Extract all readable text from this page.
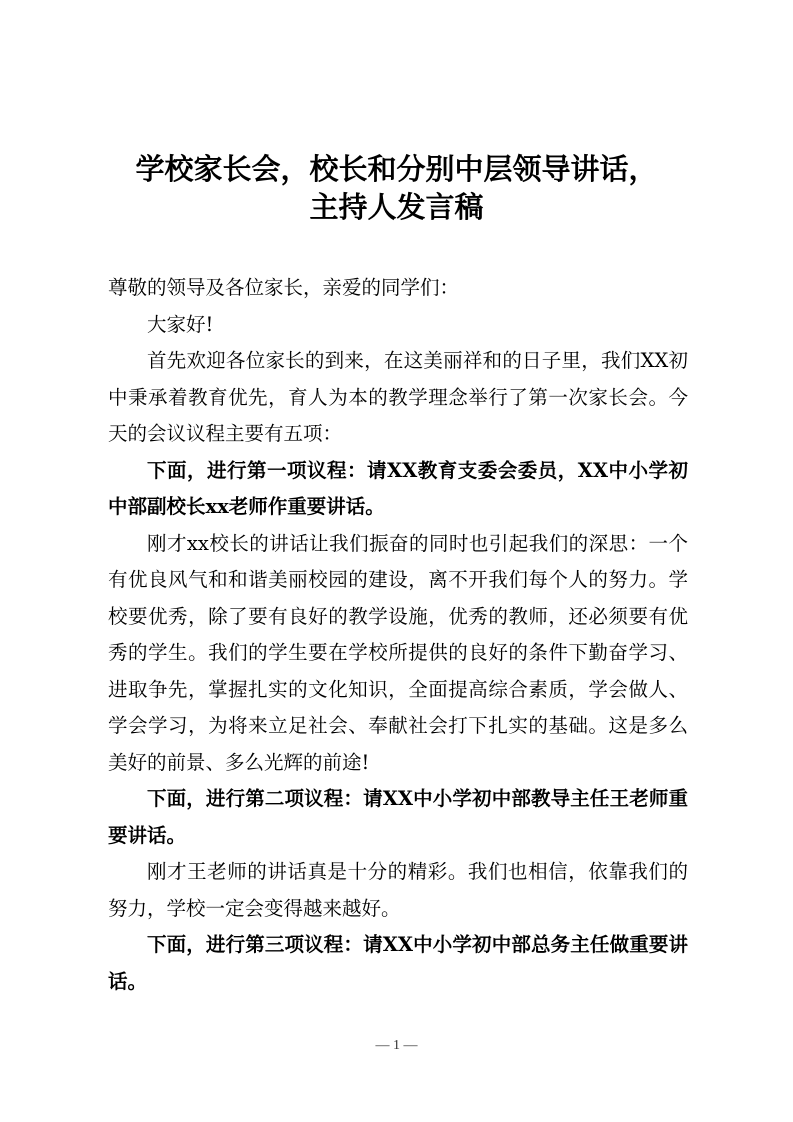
学校家长会，校长和分别中层领导讲话，
主持人发言稿

尊敬的领导及各位家长，亲爱的同学们：

大家好!

首先欢迎各位家长的到来，在这美丽祥和的日子里，我们XX初中秉承着教育优先，育人为本的教学理念举行了第一次家长会。今天的会议议程主要有五项：

下面，进行第一项议程：请XX教育支委会委员，XX中小学初中部副校长xx老师作重要讲话。

刚才xx校长的讲话让我们振奋的同时也引起我们的深思：一个有优良风气和和谐美丽校园的建设，离不开我们每个人的努力。学校要优秀，除了要有良好的教学设施，优秀的教师，还必须要有优秀的学生。我们的学生要在学校所提供的良好的条件下勤奋学习、进取争先，掌握扎实的文化知识，全面提高综合素质，学会做人、学会学习，为将来立足社会、奉献社会打下扎实的基础。这是多么美好的前景、多么光辉的前途!

下面，进行第二项议程：请XX中小学初中部教导主任王老师重要讲话。

刚才王老师的讲话真是十分的精彩。我们也相信，依靠我们的努力，学校一定会变得越来越好。

下面，进行第三项议程：请XX中小学初中部总务主任做重要讲话。

— 1 —
